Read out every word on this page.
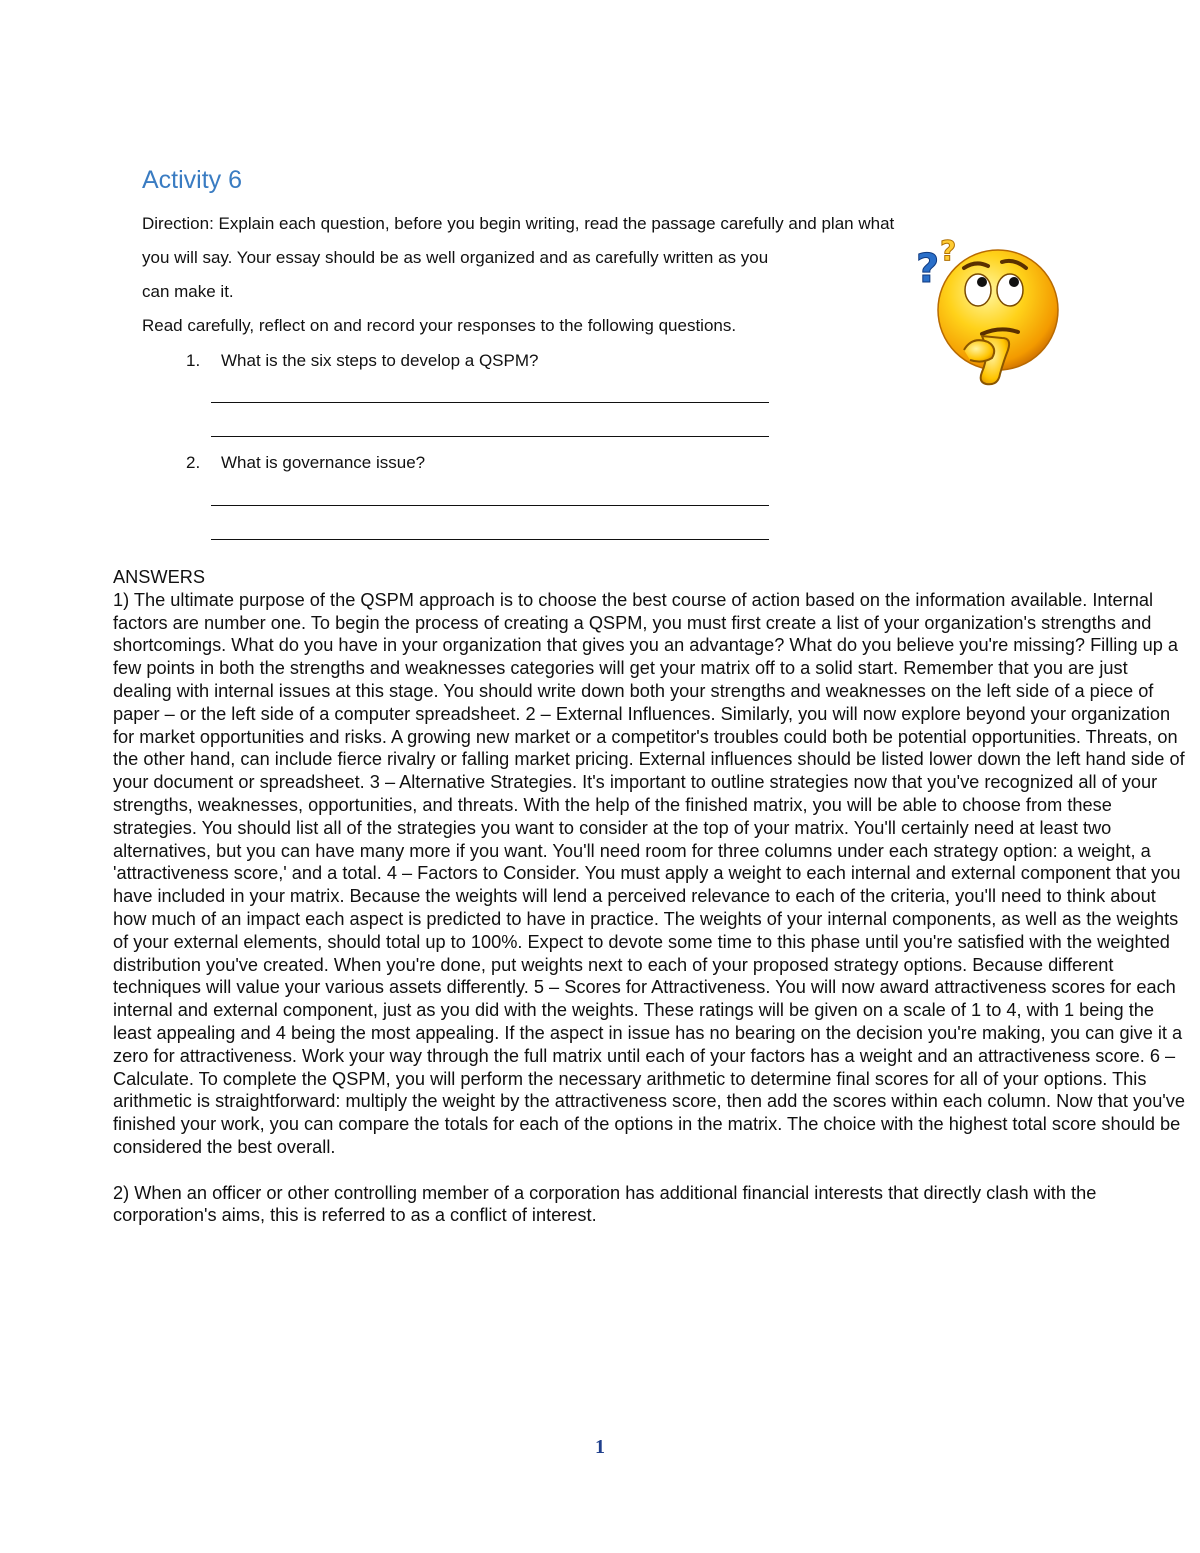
Activity 6
Direction: Explain each question, before you begin writing, read the passage carefully and plan what
you will say. Your essay should be as well organized and as carefully written as you
can make it.
Read carefully, reflect on and record your responses to the following questions.
1. What is the six steps to develop a QSPM?
2. What is governance issue?
? ?

ANSWERS

1) The ultimate purpose of the QSPM approach is to choose the best course of action based on the information available. Internal factors are number one. To begin the process of creating a QSPM, you must first create a list of your organization's strengths and shortcomings. What do you have in your organization that gives you an advantage? What do you believe you're missing? Filling up a few points in both the strengths and weaknesses categories will get your matrix off to a solid start. Remember that you are just dealing with internal issues at this stage. You should write down both your strengths and weaknesses on the left side of a piece of paper – or the left side of a computer spreadsheet. 2 – External Influences. Similarly, you will now explore beyond your organization for market opportunities and risks. A growing new market or a competitor's troubles could both be potential opportunities. Threats, on the other hand, can include fierce rivalry or falling market pricing. External influences should be listed lower down the left hand side of your document or spreadsheet. 3 – Alternative Strategies. It's important to outline strategies now that you've recognized all of your strengths, weaknesses, opportunities, and threats. With the help of the finished matrix, you will be able to choose from these strategies. You should list all of the strategies you want to consider at the top of your matrix. You'll certainly need at least two alternatives, but you can have many more if you want. You'll need room for three columns under each strategy option: a weight, a 'attractiveness score,' and a total. 4 – Factors to Consider. You must apply a weight to each internal and external component that you have included in your matrix. Because the weights will lend a perceived relevance to each of the criteria, you'll need to think about how much of an impact each aspect is predicted to have in practice. The weights of your internal components, as well as the weights of your external elements, should total up to 100%. Expect to devote some time to this phase until you're satisfied with the weighted distribution you've created. When you're done, put weights next to each of your proposed strategy options. Because different techniques will value your various assets differently. 5 – Scores for Attractiveness. You will now award attractiveness scores for each internal and external component, just as you did with the weights. These ratings will be given on a scale of 1 to 4, with 1 being the least appealing and 4 being the most appealing. If the aspect in issue has no bearing on the decision you're making, you can give it a zero for attractiveness. Work your way through the full matrix until each of your factors has a weight and an attractiveness score. 6 – Calculate. To complete the QSPM, you will perform the necessary arithmetic to determine final scores for all of your options. This arithmetic is straightforward: multiply the weight by the attractiveness score, then add the scores within each column. Now that you've finished your work, you can compare the totals for each of the options in the matrix. The choice with the highest total score should be considered the best overall.

2) When an officer or other controlling member of a corporation has additional financial interests that directly clash with the corporation's aims, this is referred to as a conflict of interest.

1
